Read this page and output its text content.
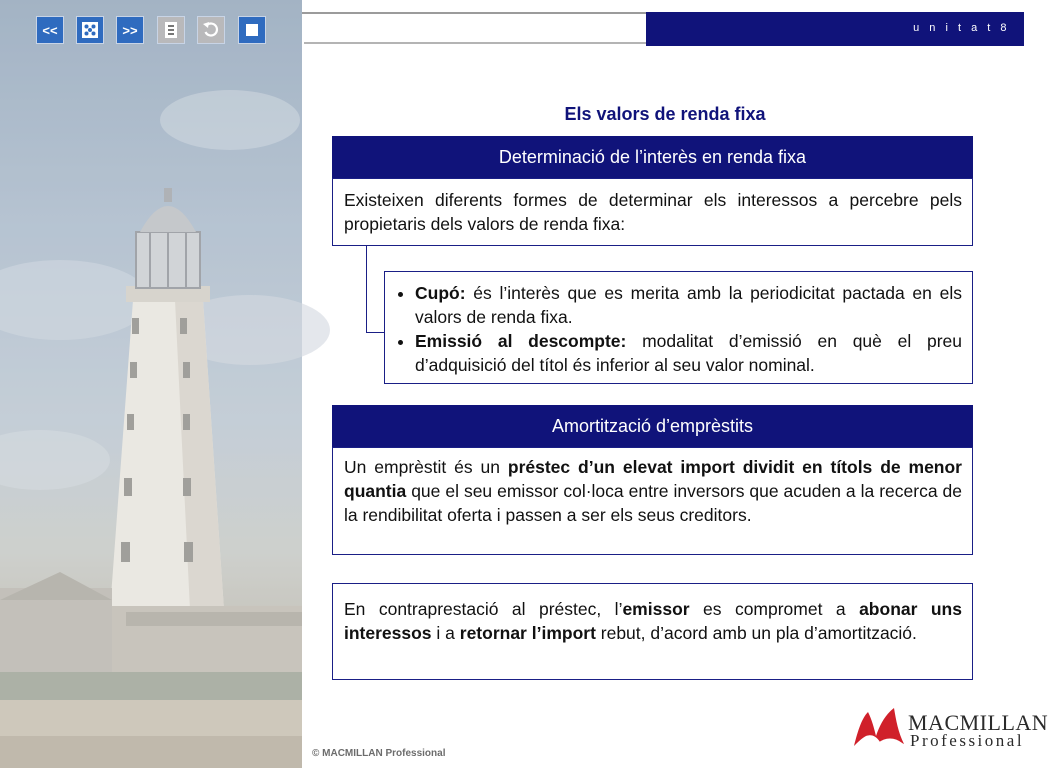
<<	>>	u n i t a t 8
Els valors de renda fixa
Determinació de l’interès en renda fixa
Existeixen diferents formes de determinar els interessos a percebre pels propietaris dels valors de renda fixa:
• Cupó: és l’interès que es merita amb la periodicitat pactada en els valors de renda fixa.
• Emissió al descompte: modalitat d’emissió en què el preu d’adquisició del títol és inferior al seu valor nominal.
Amortització d’emprèstits
Un emprèstit és un préstec d’un elevat import dividit en títols de menor quantia que el seu emissor col·loca entre inversors que acuden a la recerca de la rendibilitat oferta i passen a ser els seus creditors.
En contraprestació al préstec, l’emissor es compromet a abonar uns interessos i a retornar l’import rebut, d’acord amb un pla d’amortització.
© MACMILLAN Professional
MACMILLAN
Professional
